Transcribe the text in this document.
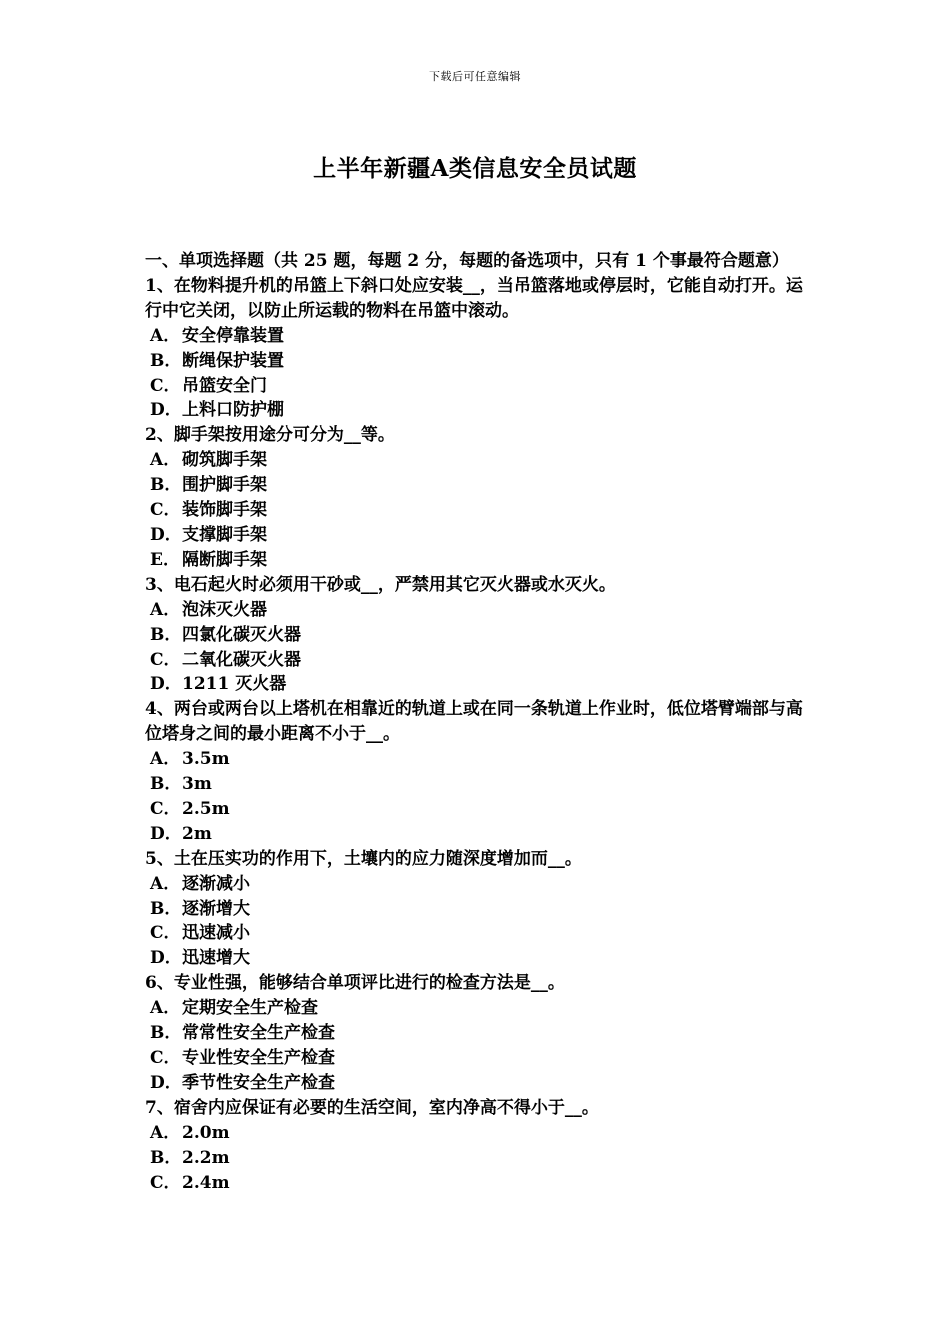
下载后可任意编辑
上半年新疆A类信息安全员试题

一、单项选择题（共 25 题，每题 2 分，每题的备选项中，只有 1 个事最符合题意）

1、在物料提升机的吊篮上下斜口处应安装__，当吊篮落地或停层时，它能自动打开。运行中它关闭，以防止所运载的物料在吊篮中滚动。

A． 安全停靠装置

B．断绳保护装置

C．吊篮安全门

D．上料口防护棚

2、脚手架按用途分可分为__等。

A． 砌筑脚手架

B．围护脚手架

C．装饰脚手架

D．支撑脚手架

E． 隔断脚手架

3、电石起火时必须用干砂或__，严禁用其它灭火器或水灭火。

A． 泡沫灭火器

B．四氯化碳灭火器

C．二氧化碳灭火器

D．1211 灭火器

4、两台或两台以上塔机在相靠近的轨道上或在同一条轨道上作业时，低位塔臂端部与高位塔身之间的最小距离不小于__。

A． 3.5m

B．3m

C．2.5m

D．2m

5、土在压实功的作用下，土壤内的应力随深度增加而__。

A． 逐渐减小

B．逐渐增大

C．迅速减小

D．迅速增大

6、专业性强，能够结合单项评比进行的检查方法是__。

A． 定期安全生产检查

B．常常性安全生产检查

C．专业性安全生产检查

D．季节性安全生产检查

7、宿舍内应保证有必要的生活空间，室内净高不得小于__。

A． 2.0m

B．2.2m

C．2.4m
